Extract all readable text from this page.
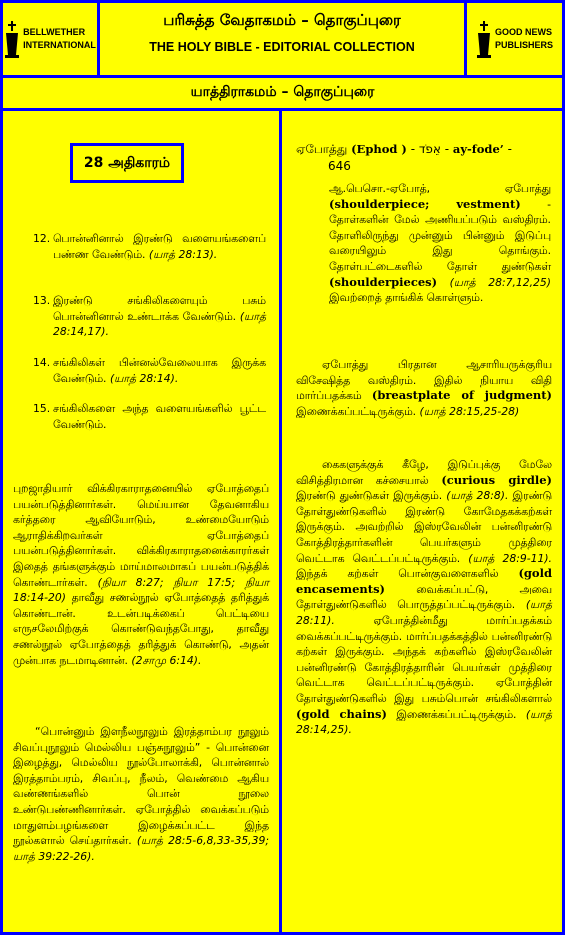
BELLWETHER
INTERNATIONAL
பரிசுத்த வேதாகமம் – தொகுப்புரை
THE HOLY BIBLE - EDITORIAL COLLECTION
GOOD NEWS
PUBLISHERS
யாத்திராகமம் – தொகுப்புரை
28 அதிகாரம்
12. பொன்னினால் இரண்டு வளையங்களைப் பண்ண வேண்டும். (யாத் 28:13).
13. இரண்டு சங்கிலிகளையும் பசும் பொன்னினால் உண்டாக்க வேண்டும். (யாத் 28:14,17).
14. சங்கிலிகள் பின்னல்வேலையாக இருக்க வேண்டும். (யாத் 28:14).
15. சங்கிலிகளை அந்த வளையங்களில் பூட்ட வேண்டும்.

புறஜாதியார் விக்கிரகாராதனையில் ஏபோத்தைப் பயன்படுத்தினார்கள். மெய்யான தேவனாகிய கர்த்தரை ஆவியோடும், உண்மையோடும் ஆராதிக்கிறவர்கள் ஏபோத்தைப் பயன்படுத்தினார்கள். விக்கிரகாராதனைக்காரர்கள் இதைத் தங்களுக்கும் மாய்மாலமாகப் பயன்படுத்திக் கொண்டார்கள். (நியா 8:27; நியா 17:5; நியா 18:14-20) தாவீது சணல்நூல் ஏபோத்தைத் தரித்துக் கொண்டான். உடன்படிக்கைப் பெட்டியை எருசலேமிற்குக் கொண்டுவந்தபோது, தாவீது சணல்நூல் ஏபோத்தைத் தரித்துக் கொண்டு, அதன் முன்பாக நடமாடினான். (2சாமு 6:14).

“பொன்னும் இளநீலநூலும் இரத்தாம்பர நூலும் சிவப்புநூலும் மெல்லிய பஞ்சுநூலும்” - பொன்னை இழைத்து, மெல்லிய நூல்போலாக்கி, பொன்னால் இரத்தாம்பரம், சிவப்பு, நீலம், வெண்மை ஆகிய வண்ணங்களில் பொன் நூலை உண்டுபண்ணினார்கள். ஏபோத்தில் வைக்கப்படும் மாதுளம்பழங்களை இழைக்கப்பட்ட இந்த நூல்களால் செய்தார்கள். (யாத் 28:5-6,8,33-35,39; யாத் 39:22-26).

ஏபோத்து (Ephod ) - אֵפֹד - ay-fode’ -
646

ஆ.பெசொ.-ஏபோத், ஏபோத்து (shoulderpiece; vestment) - தோள்களின் மேல் அணியப்படும் வஸ்திரம். தோளிலிருந்து முன்னும் பின்னும் இடுப்பு வரையிலும் இது தொங்கும். தோள்பட்டைகளில் தோள் துண்டுகள் (shoulderpieces) (யாத் 28:7,12,25) இவற்றைத் தாங்கிக் கொள்ளும்.

ஏபோத்து பிரதான ஆசாரியருக்குரிய விசேஷித்த வஸ்திரம். இதில் நியாய விதி மார்ப்பதக்கம் (breastplate of judgment) இணைக்கப்பட்டிருக்கும். (யாத் 28:15,25-28)

கைகளுக்குக் கீழே, இடுப்புக்கு மேலே விசித்திரமான கச்சையால் (curious girdle) இரண்டு துண்டுகள் இருக்கும். (யாத் 28:8). இரண்டு தோள்துண்டுகளில் இரண்டு கோமேதகக்கற்கள் இருக்கும். அவற்றில் இஸ்ரவேலின் பன்னிரண்டு கோத்திரத்தார்களின் பெயர்களும் முத்திரை வெட்டாக வெட்டப்பட்டிருக்கும். (யாத் 28:9-11). இந்தக் கற்கள் பொன்குவளைகளில் (gold encasements)	வைக்கப்பட்டு, அவை தோள்துண்டுகளில் பொருத்தப்பட்டிருக்கும். (யாத் 28:11).	ஏபோத்தின்மீது மார்ப்பதக்கம் வைக்கப்பட்டிருக்கும். மார்ப்பதக்கத்தில் பன்னிரண்டு கற்கள் இருக்கும். அந்தக் கற்களில் இஸ்ரவேலின் பன்னிரண்டு கோத்திரத்தாரின் பெயர்கள் முத்திரை வெட்டாக வெட்டப்பட்டிருக்கும். ஏபோத்தின் தோள்துண்டுகளில் இது பசும்பொன் சங்கிலிகளால் (gold chains) இணைக்கப்பட்டிருக்கும். (யாத் 28:14,25).
